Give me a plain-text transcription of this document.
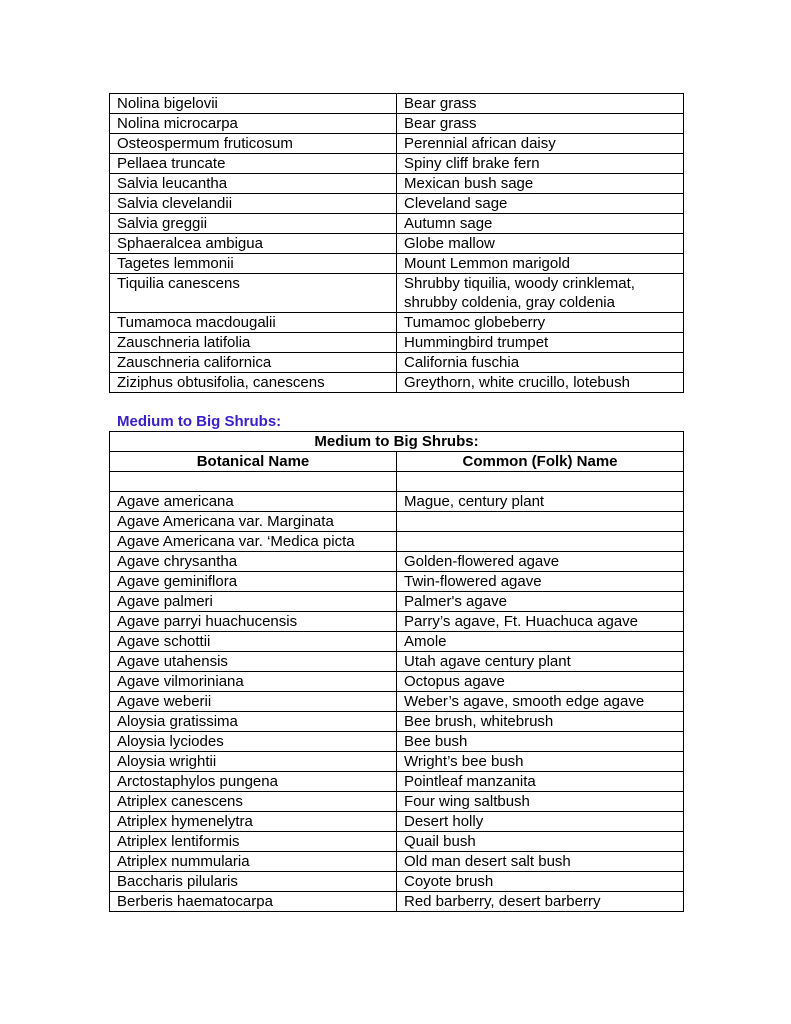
Nolina bigelovii	Bear grass
Nolina microcarpa	Bear grass
Osteospermum fruticosum	Perennial african daisy
Pellaea truncate	Spiny cliff brake fern
Salvia leucantha	Mexican bush sage
Salvia clevelandii	Cleveland sage
Salvia greggii	Autumn sage
Sphaeralcea ambigua	Globe mallow
Tagetes lemmonii	Mount Lemmon marigold
Tiquilia canescens	Shrubby tiquilia, woody crinklemat, shrubby coldenia, gray coldenia
Tumamoca macdougalii	Tumamoc globeberry
Zauschneria latifolia	Hummingbird trumpet
Zauschneria californica	California fuschia
Ziziphus obtusifolia, canescens	Greythorn, white crucillo, lotebush
Medium to Big Shrubs:
Medium to Big Shrubs:	
Botanical Name	Common (Folk) Name

Agave americana	Mague, century plant
Agave Americana var. Marginata	
Agave Americana var. ‘Medica picta	
Agave chrysantha	Golden-flowered agave
Agave geminiflora	Twin-flowered agave
Agave palmeri	Palmer's agave
Agave parryi huachucensis	Parry’s agave, Ft. Huachuca agave
Agave schottii	Amole
Agave utahensis	Utah agave century plant
Agave vilmoriniana	Octopus agave
Agave weberii	Weber’s agave, smooth edge agave
Aloysia gratissima	Bee brush, whitebrush
Aloysia lyciodes	Bee bush
Aloysia wrightii	Wright’s bee bush
Arctostaphylos pungena	Pointleaf manzanita
Atriplex canescens	Four wing saltbush
Atriplex hymenelytra	Desert holly
Atriplex lentiformis	Quail bush
Atriplex nummularia	Old man desert salt bush
Baccharis pilularis	Coyote brush
Berberis haematocarpa	Red barberry, desert barberry
